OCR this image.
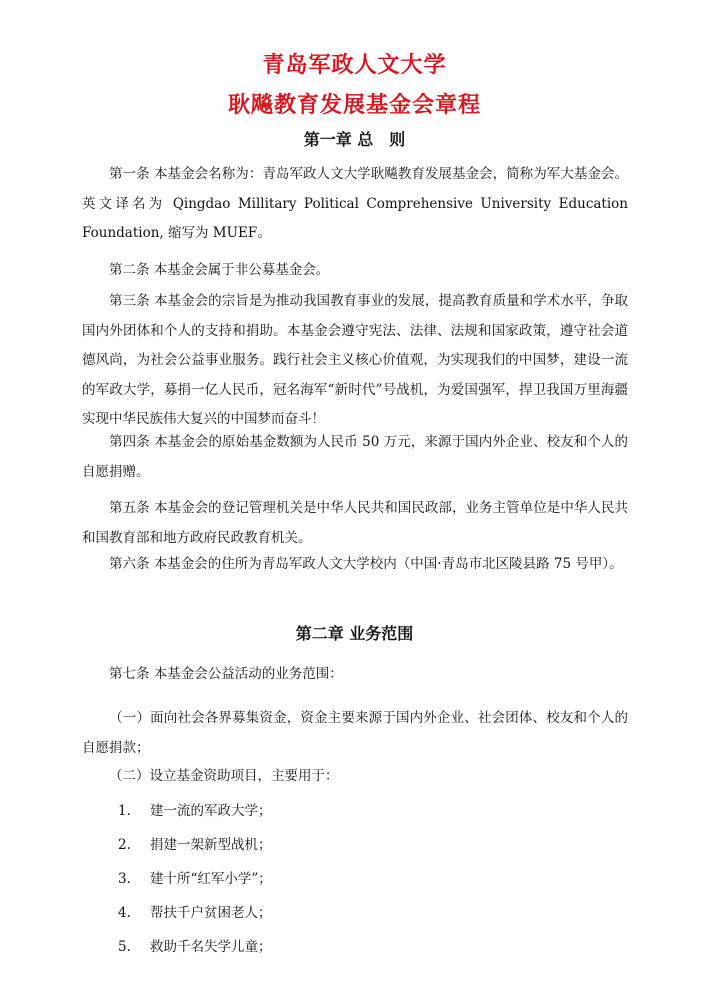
青岛军政人文大学
耿飚教育发展基金会章程
第一章 总　则
第一条 本基金会名称为：青岛军政人文大学耿飚教育发展基金会，简称为军大基金会。英文译名为 Qingdao Millitary Political Comprehensive University Education Foundation, 缩写为 MUEF。
第二条 本基金会属于非公募基金会。
第三条 本基金会的宗旨是为推动我国教育事业的发展，提高教育质量和学术水平，争取国内外团体和个人的支持和捐助。本基金会遵守宪法、法律、法规和国家政策，遵守社会道德风尚，为社会公益事业服务。践行社会主义核心价值观，为实现我们的中国梦，建设一流的军政大学，募捐一亿人民币，冠名海军“新时代”号战机，为爱国强军，捍卫我国万里海疆实现中华民族伟大复兴的中国梦而奋斗！
第四条 本基金会的原始基金数额为人民币 50 万元，来源于国内外企业、校友和个人的自愿捐赠。
第五条 本基金会的登记管理机关是中华人民共和国民政部，业务主管单位是中华人民共和国教育部和地方政府民政教育机关。
第六条 本基金会的住所为青岛军政人文大学校内（中国·青岛市北区陵县路 75 号甲）。
第二章 业务范围
第七条 本基金会公益活动的业务范围：
（一）面向社会各界募集资金，资金主要来源于国内外企业、社会团体、校友和个人的自愿捐款；
（二）设立基金资助项目，主要用于：
1. 建一流的军政大学；
2. 捐建一架新型战机；
3. 建十所“红军小学”；
4. 帮扶千户贫困老人；
5. 救助千名失学儿童；
